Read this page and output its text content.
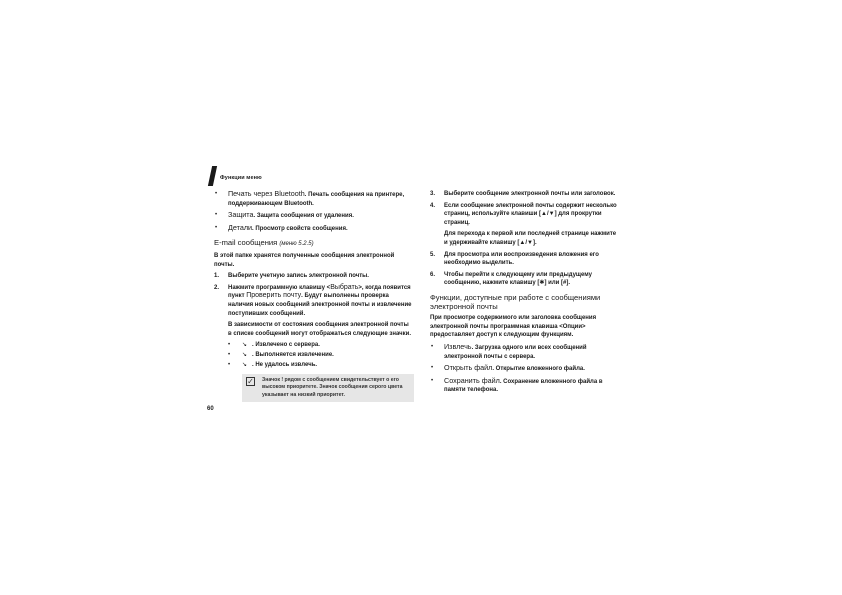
Функции меню
• Печать через Bluetooth. Печать сообщения на принтере, поддерживающем Bluetooth.
• Защита. Защита сообщения от удаления.
• Детали. Просмотр свойств сообщения.
E-mail сообщения (меню 5.2.5)
В этой папке хранятся полученные сообщения электронной почты.
1. Выберите учетную запись электронной почты.
2. Нажмите программную клавишу <Выбрать>, когда появится пункт Проверить почту. Будут выполнены проверка наличия новых сообщений электронной почты и извлечение поступивших сообщений.
В зависимости от состояния сообщения электронной почты в списке сообщений могут отображаться следующие значки.
• ↘ . Извлечено с сервера.
• ↘ . Выполняется извлечение.
• ↘ . Не удалось извлечь.
✓ Значок ! рядом с сообщением свидетельствует о его высоком приоритете. Значок сообщения серого цвета указывает на низкий приоритет.
3. Выберите сообщение электронной почты или заголовок.
4. Если сообщение электронной почты содержит несколько страниц, используйте клавиши [▲/▼] для прокрутки страниц.
Для перехода к первой или последней странице нажмите и удерживайте клавишу [▲/▼].
5. Для просмотра или воспроизведения вложения его необходимо выделить.
6. Чтобы перейти к следующему или предыдущему сообщению, нажмите клавишу [✱] или [#].
Функции, доступные при работе с сообщениями электронной почты
При просмотре содержимого или заголовка сообщения электронной почты программная клавиша <Опции> предоставляет доступ к следующим функциям.
• Извлечь. Загрузка одного или всех сообщений электронной почты с сервера.
• Открыть файл. Открытие вложенного файла.
• Сохранить файл. Сохранение вложенного файла в памяти телефона.
60
